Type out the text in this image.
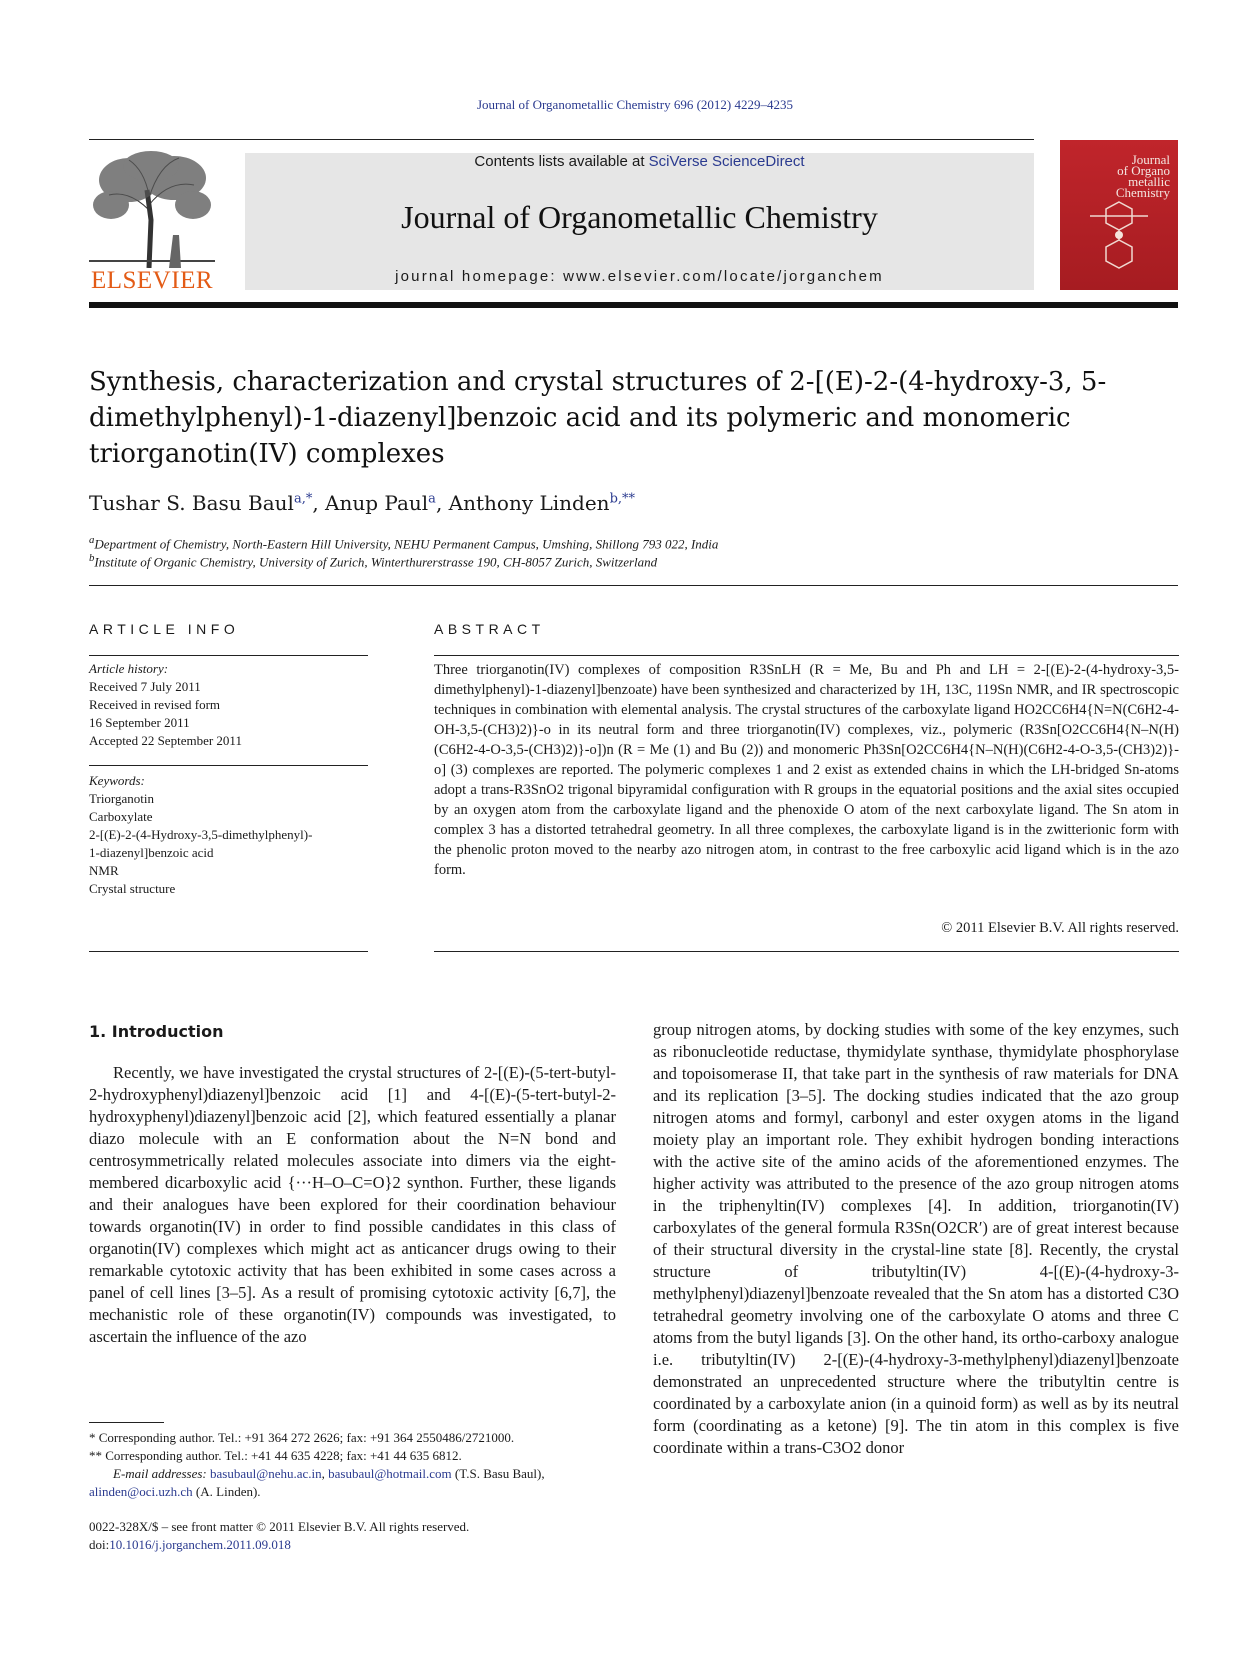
Journal of Organometallic Chemistry 696 (2012) 4229–4235
ELSEVIER
Contents lists available at SciVerse ScienceDirect
Journal of Organometallic Chemistry
journal homepage: www.elsevier.com/locate/jorganchem
Journal
of Organo
metallic
Chemistry
Synthesis, characterization and crystal structures of 2-[(E)-2-(4-hydroxy-3, 5-dimethylphenyl)-1-diazenyl]benzoic acid and its polymeric and monomeric triorganotin(IV) complexes
Tushar S. Basu Baul$^{a,*}$, Anup Paul$^a$, Anthony Linden$^{b,**}$
$^a$Department of Chemistry, North-Eastern Hill University, NEHU Permanent Campus, Umshing, Shillong 793 022, India
$^b$Institute of Organic Chemistry, University of Zurich, Winterthurerstrasse 190, CH-8057 Zurich, Switzerland
ARTICLE INFO
Article history:
Received 7 July 2011
Received in revised form
16 September 2011
Accepted 22 September 2011
Keywords:
Triorganotin
Carboxylate
2-[(E)-2-(4-Hydroxy-3,5-dimethylphenyl)-
1-diazenyl]benzoic acid
NMR
Crystal structure
ABSTRACT
Three triorganotin(IV) complexes of composition R3SnLH (R = Me, Bu and Ph and LH = 2-[(E)-2-(4-hydroxy-3,5-dimethylphenyl)-1-diazenyl]benzoate) have been synthesized and characterized by 1H, 13C, 119Sn NMR, and IR spectroscopic techniques in combination with elemental analysis. The crystal structures of the carboxylate ligand HO2CC6H4{N=N(C6H2-4-OH-3,5-(CH3)2)}-o in its neutral form and three triorganotin(IV) complexes, viz., polymeric (R3Sn[O2CC6H4{N–N(H)(C6H2-4-O-3,5-(CH3)2)}-o])n (R = Me (1) and Bu (2)) and monomeric Ph3Sn[O2CC6H4{N–N(H)(C6H2-4-O-3,5-(CH3)2)}-o] (3) complexes are reported. The polymeric complexes 1 and 2 exist as extended chains in which the LH-bridged Sn-atoms adopt a trans-R3SnO2 trigonal bipyramidal configuration with R groups in the equatorial positions and the axial sites occupied by an oxygen atom from the carboxylate ligand and the phenoxide O atom of the next carboxylate ligand. The Sn atom in complex 3 has a distorted tetrahedral geometry. In all three complexes, the carboxylate ligand is in the zwitterionic form with the phenolic proton moved to the nearby azo nitrogen atom, in contrast to the free carboxylic acid ligand which is in the azo form.
© 2011 Elsevier B.V. All rights reserved.
1. Introduction
Recently, we have investigated the crystal structures of 2-[(E)-(5-tert-butyl-2-hydroxyphenyl)diazenyl]benzoic acid [1] and 4-[(E)-(5-tert-butyl-2-hydroxyphenyl)diazenyl]benzoic acid [2], which featured essentially a planar diazo molecule with an E conformation about the N=N bond and centrosymmetrically related molecules associate into dimers via the eight-membered dicarboxylic acid {···H–O–C=O}2 synthon. Further, these ligands and their analogues have been explored for their coordination behaviour towards organotin(IV) in order to find possible candidates in this class of organotin(IV) complexes which might act as anticancer drugs owing to their remarkable cytotoxic activity that has been exhibited in some cases across a panel of cell lines [3–5]. As a result of promising cytotoxic activity [6,7], the mechanistic role of these organotin(IV) compounds was investigated, to ascertain the influence of the azo
group nitrogen atoms, by docking studies with some of the key enzymes, such as ribonucleotide reductase, thymidylate synthase, thymidylate phosphorylase and topoisomerase II, that take part in the synthesis of raw materials for DNA and its replication [3–5]. The docking studies indicated that the azo group nitrogen atoms and formyl, carbonyl and ester oxygen atoms in the ligand moiety play an important role. They exhibit hydrogen bonding interactions with the active site of the amino acids of the aforementioned enzymes. The higher activity was attributed to the presence of the azo group nitrogen atoms in the triphenyltin(IV) complexes [4]. In addition, triorganotin(IV) carboxylates of the general formula R3Sn(O2CR′) are of great interest because of their structural diversity in the crystal-line state [8]. Recently, the crystal structure of tributyltin(IV) 4-[(E)-(4-hydroxy-3-methylphenyl)diazenyl]benzoate revealed that the Sn atom has a distorted C3O tetrahedral geometry involving one of the carboxylate O atoms and three C atoms from the butyl ligands [3]. On the other hand, its ortho-carboxy analogue i.e. tributyltin(IV) 2-[(E)-(4-hydroxy-3-methylphenyl)diazenyl]benzoate demonstrated an unprecedented structure where the tributyltin centre is coordinated by a carboxylate anion (in a quinoid form) as well as by its neutral form (coordinating as a ketone) [9]. The tin atom in this complex is five coordinate within a trans-C3O2 donor
* Corresponding author. Tel.: +91 364 272 2626; fax: +91 364 2550486/2721000.
** Corresponding author. Tel.: +41 44 635 4228; fax: +41 44 635 6812.
E-mail addresses: basubaul@nehu.ac.in, basubaul@hotmail.com (T.S. Basu Baul),
alinden@oci.uzh.ch (A. Linden).
0022-328X/$ – see front matter © 2011 Elsevier B.V. All rights reserved.
doi:10.1016/j.jorganchem.2011.09.018
